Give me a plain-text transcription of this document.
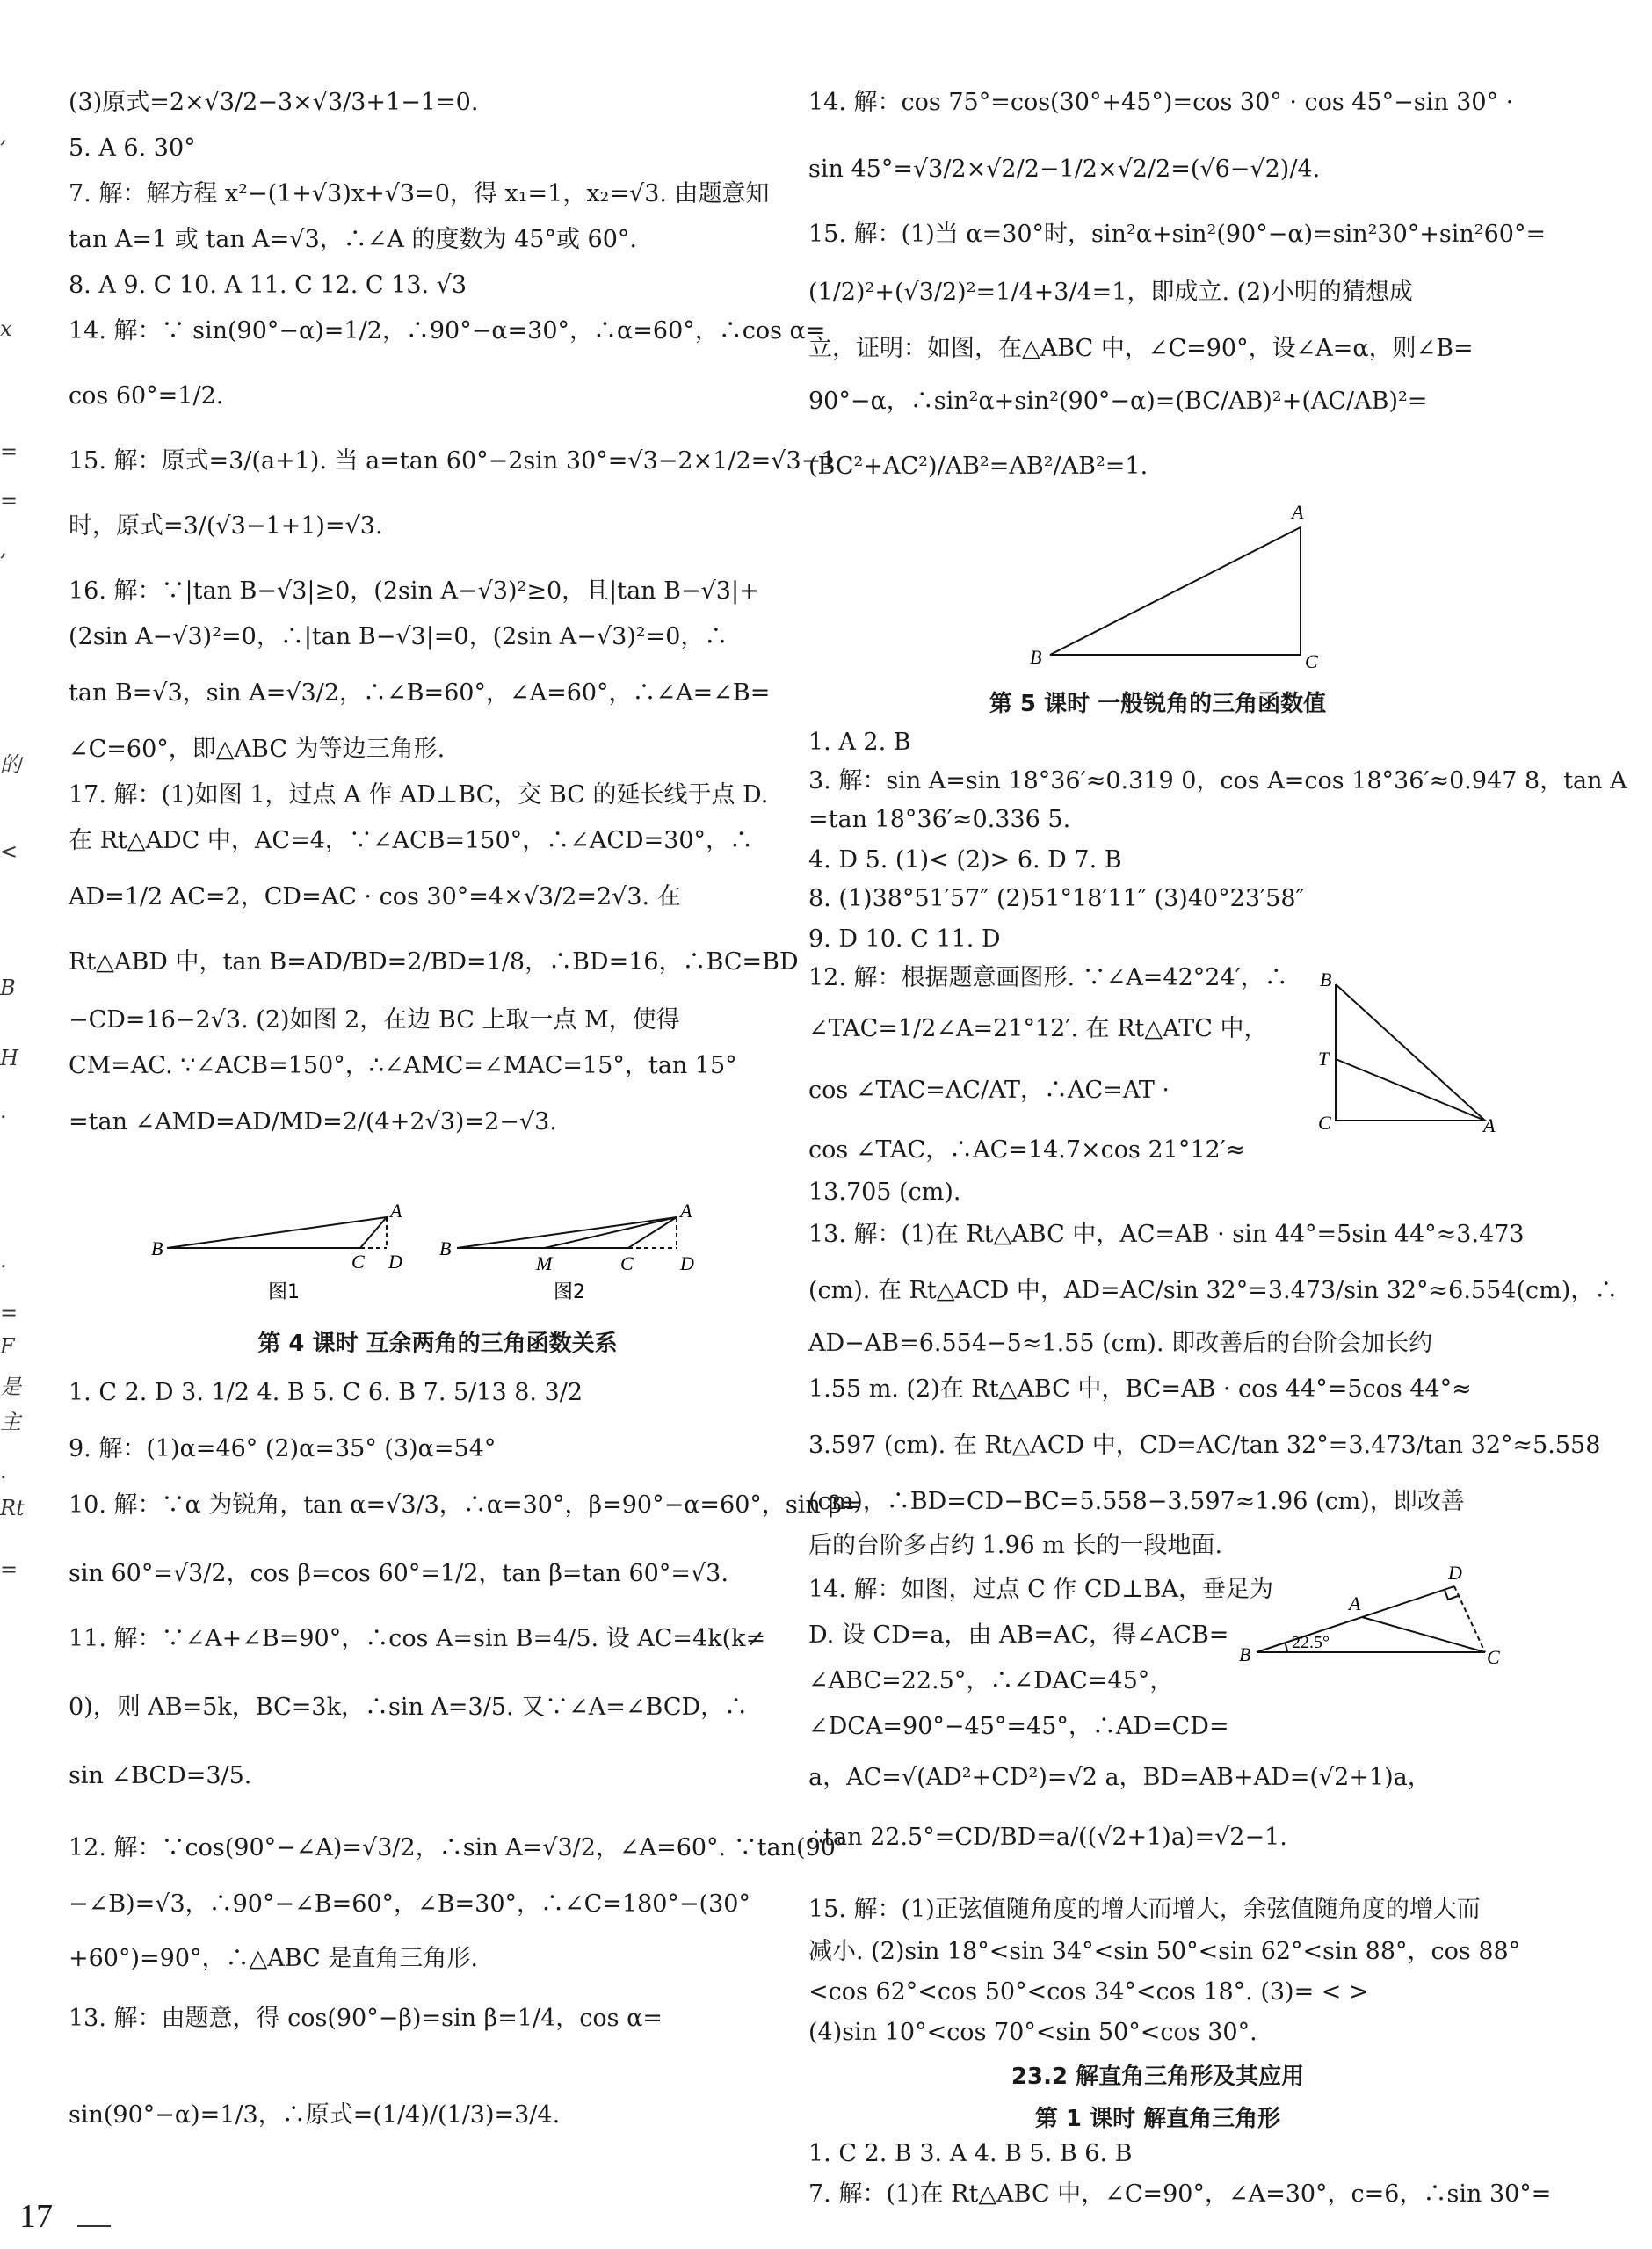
(3)原式=2×√3/2−3×√3/3+1−1=0.
5. A 6. 30°
7. 解：解方程 x²−(1+√3)x+√3=0，得 x₁=1，x₂=√3. 由题意知
tan A=1 或 tan A=√3，∴∠A 的度数为 45°或 60°.
8. A 9. C 10. A 11. C 12. C 13. √3
14. 解：∵ sin(90°−α)=1/2，∴90°−α=30°，∴α=60°，∴cos α=
cos 60°=1/2.
15. 解：原式=3/(a+1). 当 a=tan 60°−2sin 30°=√3−2×1/2=√3−1
时，原式=3/(√3−1+1)=√3.
16. 解：∵|tan B−√3|≥0，(2sin A−√3)²≥0，且|tan B−√3|+
(2sin A−√3)²=0，∴|tan B−√3|=0，(2sin A−√3)²=0，∴
tan B=√3，sin A=√3/2，∴∠B=60°，∠A=60°，∴∠A=∠B=
∠C=60°，即△ABC 为等边三角形.
17. 解：(1)如图 1，过点 A 作 AD⊥BC，交 BC 的延长线于点 D.
在 Rt△ADC 中，AC=4，∵∠ACB=150°，∴∠ACD=30°，∴
AD=1/2 AC=2，CD=AC · cos 30°=4×√3/2=2√3. 在
Rt△ABD 中，tan B=AD/BD=2/BD=1/8，∴BD=16，∴BC=BD
−CD=16−2√3. (2)如图 2，在边 BC 上取一点 M，使得
CM=AC. ∵∠ACB=150°，∴∠AMC=∠MAC=15°，tan 15°
=tan ∠AMD=AD/MD=2/(4+2√3)=2−√3.
1. C 2. D 3. 1/2 4. B 5. C 6. B 7. 5/13 8. 3/2
9. 解：(1)α=46° (2)α=35° (3)α=54°
10. 解：∵α 为锐角，tan α=√3/3，∴α=30°，β=90°−α=60°，sin β=
sin 60°=√3/2，cos β=cos 60°=1/2，tan β=tan 60°=√3.
11. 解：∵∠A+∠B=90°，∴cos A=sin B=4/5. 设 AC=4k(k≠
0)，则 AB=5k，BC=3k，∴sin A=3/5. 又∵∠A=∠BCD，∴
sin ∠BCD=3/5.
12. 解：∵cos(90°−∠A)=√3/2，∴sin A=√3/2，∠A=60°. ∵tan(90°
−∠B)=√3，∴90°−∠B=60°，∠B=30°，∴∠C=180°−(30°
+60°)=90°，∴△ABC 是直角三角形.
13. 解：由题意，得 cos(90°−β)=sin β=1/4，cos α=
sin(90°−α)=1/3，∴原式=(1/4)/(1/3)=3/4.
第 4 课时 互余两角的三角函数关系
14. 解：cos 75°=cos(30°+45°)=cos 30° · cos 45°−sin 30° ·
sin 45°=√3/2×√2/2−1/2×√2/2=(√6−√2)/4.
15. 解：(1)当 α=30°时，sin²α+sin²(90°−α)=sin²30°+sin²60°=
(1/2)²+(√3/2)²=1/4+3/4=1，即成立. (2)小明的猜想成
立，证明：如图，在△ABC 中，∠C=90°，设∠A=α，则∠B=
90°−α，∴sin²α+sin²(90°−α)=(BC/AB)²+(AC/AB)²=
(BC²+AC²)/AB²=AB²/AB²=1.
1. A 2. B
3. 解：sin A=sin 18°36′≈0.319 0，cos A=cos 18°36′≈0.947 8，tan A
=tan 18°36′≈0.336 5.
4. D 5. (1)< (2)> 6. D 7. B
8. (1)38°51′57″ (2)51°18′11″ (3)40°23′58″
9. D 10. C 11. D
12. 解：根据题意画图形. ∵∠A=42°24′，∴
∠TAC=1/2∠A=21°12′. 在 Rt△ATC 中，
cos ∠TAC=AC/AT，∴AC=AT ·
cos ∠TAC，∴AC=14.7×cos 21°12′≈
13.705 (cm).
13. 解：(1)在 Rt△ABC 中，AC=AB · sin 44°=5sin 44°≈3.473
(cm). 在 Rt△ACD 中，AD=AC/sin 32°=3.473/sin 32°≈6.554(cm)，∴
AD−AB=6.554−5≈1.55 (cm). 即改善后的台阶会加长约
1.55 m. (2)在 Rt△ABC 中，BC=AB · cos 44°=5cos 44°≈
3.597 (cm). 在 Rt△ACD 中，CD=AC/tan 32°=3.473/tan 32°≈5.558
(cm)，∴BD=CD−BC=5.558−3.597≈1.96 (cm)，即改善
后的台阶多占约 1.96 m 长的一段地面.
14. 解：如图，过点 C 作 CD⊥BA，垂足为
D. 设 CD=a，由 AB=AC，得∠ACB=
∠ABC=22.5°，∴∠DAC=45°，
∠DCA=90°−45°=45°，∴AD=CD=
a，AC=√(AD²+CD²)=√2 a，BD=AB+AD=(√2+1)a，
∴tan 22.5°=CD/BD=a/((√2+1)a)=√2−1.
15. 解：(1)正弦值随角度的增大而增大，余弦值随角度的增大而
减小. (2)sin 18°<sin 34°<sin 50°<sin 62°<sin 88°，cos 88°
<cos 62°<cos 50°<cos 34°<cos 18°. (3)= < >
(4)sin 10°<cos 70°<sin 50°<cos 30°.
1. C 2. B 3. A 4. B 5. B 6. B
7. 解：(1)在 Rt△ABC 中，∠C=90°，∠A=30°，c=6，∴sin 30°=
第 5 课时 一般锐角的三角函数值
23.2 解直角三角形及其应用
第 1 课时 解直角三角形
,
x
=
=
,
的
<
B
H
.
.
=
F
是
主
.
Rt
=
B
C D
A
B
M	C D
A
图1	图2
A
B	C
B
T
C	A
A
D
B	C
22.5°
17
